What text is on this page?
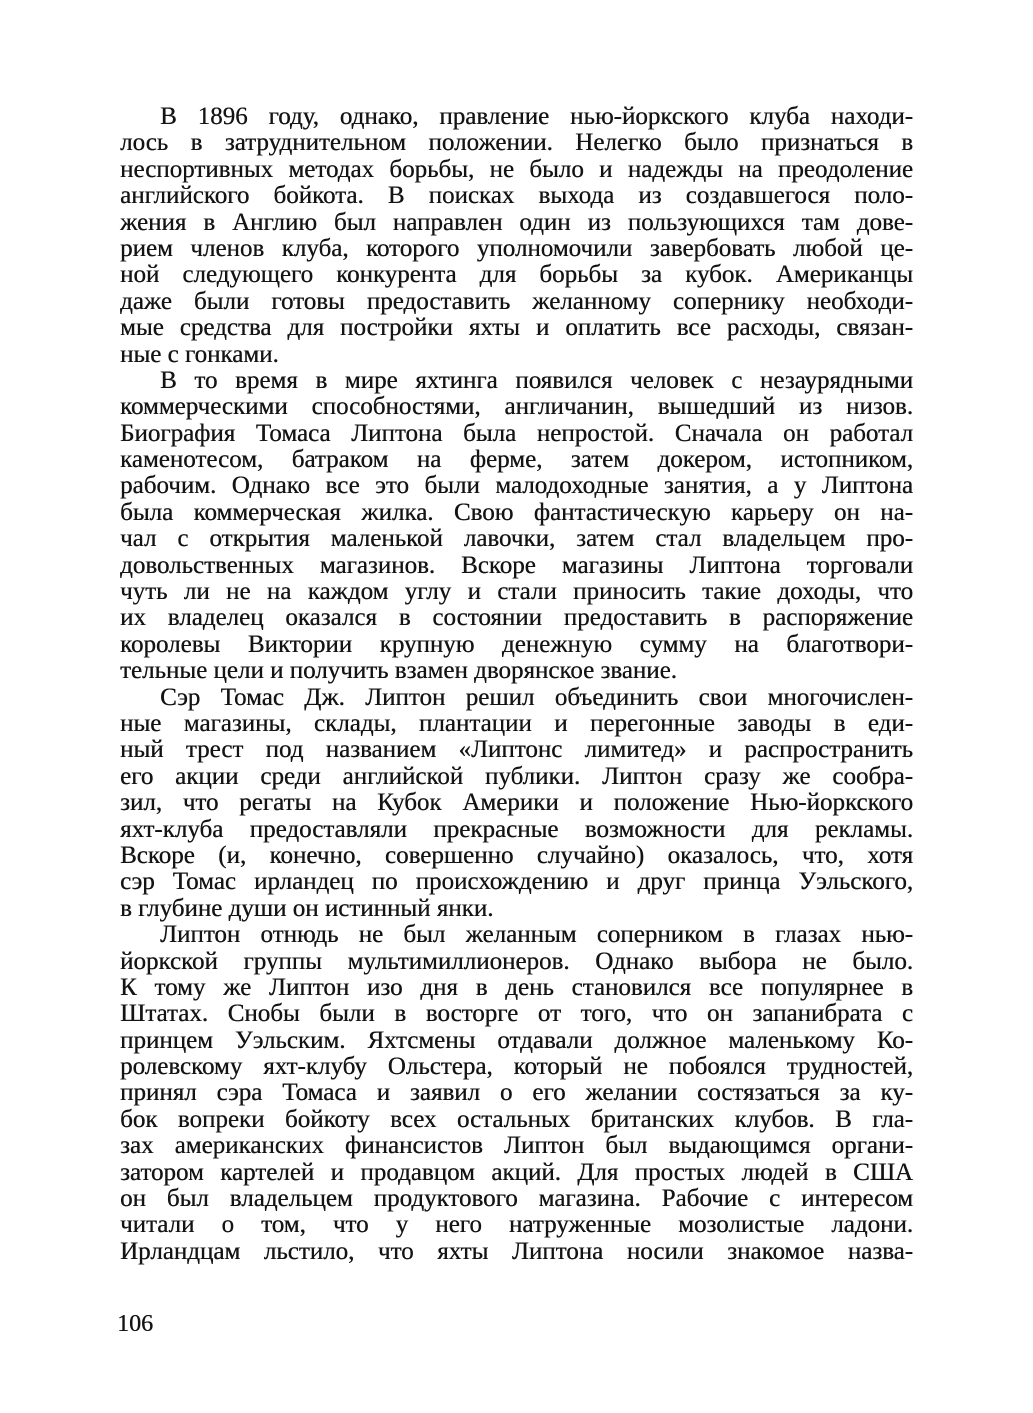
В 1896 году, однако, правление нью-йоркского клуба находи-
лось в затруднительном положении. Нелегко было признаться в
неспортивных методах борьбы, не было и надежды на преодоление
английского бойкота. В поисках выхода из создавшегося поло-
жения в Англию был направлен один из пользующихся там дове-
рием членов клуба, которого уполномочили завербовать любой це-
ной следующего конкурента для борьбы за кубок. Американцы
даже были готовы предоставить желанному сопернику необходи-
мые средства для постройки яхты и оплатить все расходы, связан-
ные с гонками.
В то время в мире яхтинга появился человек с незаурядными
коммерческими способностями, англичанин, вышедший из низов.
Биография Томаса Липтона была непростой. Сначала он работал
каменотесом, батраком на ферме, затем докером, истопником,
рабочим. Однако все это были малодоходные занятия, а у Липтона
была коммерческая жилка. Свою фантастическую карьеру он на-
чал с открытия маленькой лавочки, затем стал владельцем про-
довольственных магазинов. Вскоре магазины Липтона торговали
чуть ли не на каждом углу и стали приносить такие доходы, что
их владелец оказался в состоянии предоставить в распоряжение
королевы Виктории крупную денежную сумму на благотвори-
тельные цели и получить взамен дворянское звание.
Сэр Томас Дж. Липтон решил объединить свои многочислен-
ные магазины, склады, плантации и перегонные заводы в еди-
ный трест под названием «Липтонс лимитед» и распространить
его акции среди английской публики. Липтон сразу же сообра-
зил, что регаты на Кубок Америки и положение Нью-йоркского
яхт-клуба предоставляли прекрасные возможности для рекламы.
Вскоре (и, конечно, совершенно случайно) оказалось, что, хотя
сэр Томас ирландец по происхождению и друг принца Уэльского,
в глубине души он истинный янки.
Липтон отнюдь не был желанным соперником в глазах нью-
йоркской группы мультимиллионеров. Однако выбора не было.
К тому же Липтон изо дня в день становился все популярнее в
Штатах. Снобы были в восторге от того, что он запанибрата с
принцем Уэльским. Яхтсмены отдавали должное маленькому Ко-
ролевскому яхт-клубу Ольстера, который не побоялся трудностей,
принял сэра Томаса и заявил о его желании состязаться за ку-
бок вопреки бойкоту всех остальных британских клубов. В гла-
зах американских финансистов Липтон был выдающимся органи-
затором картелей и продавцом акций. Для простых людей в США
он был владельцем продуктового магазина. Рабочие с интересом
читали о том, что у него натруженные мозолистые ладони.
Ирландцам льстило, что яхты Липтона носили знакомое назва-
106
